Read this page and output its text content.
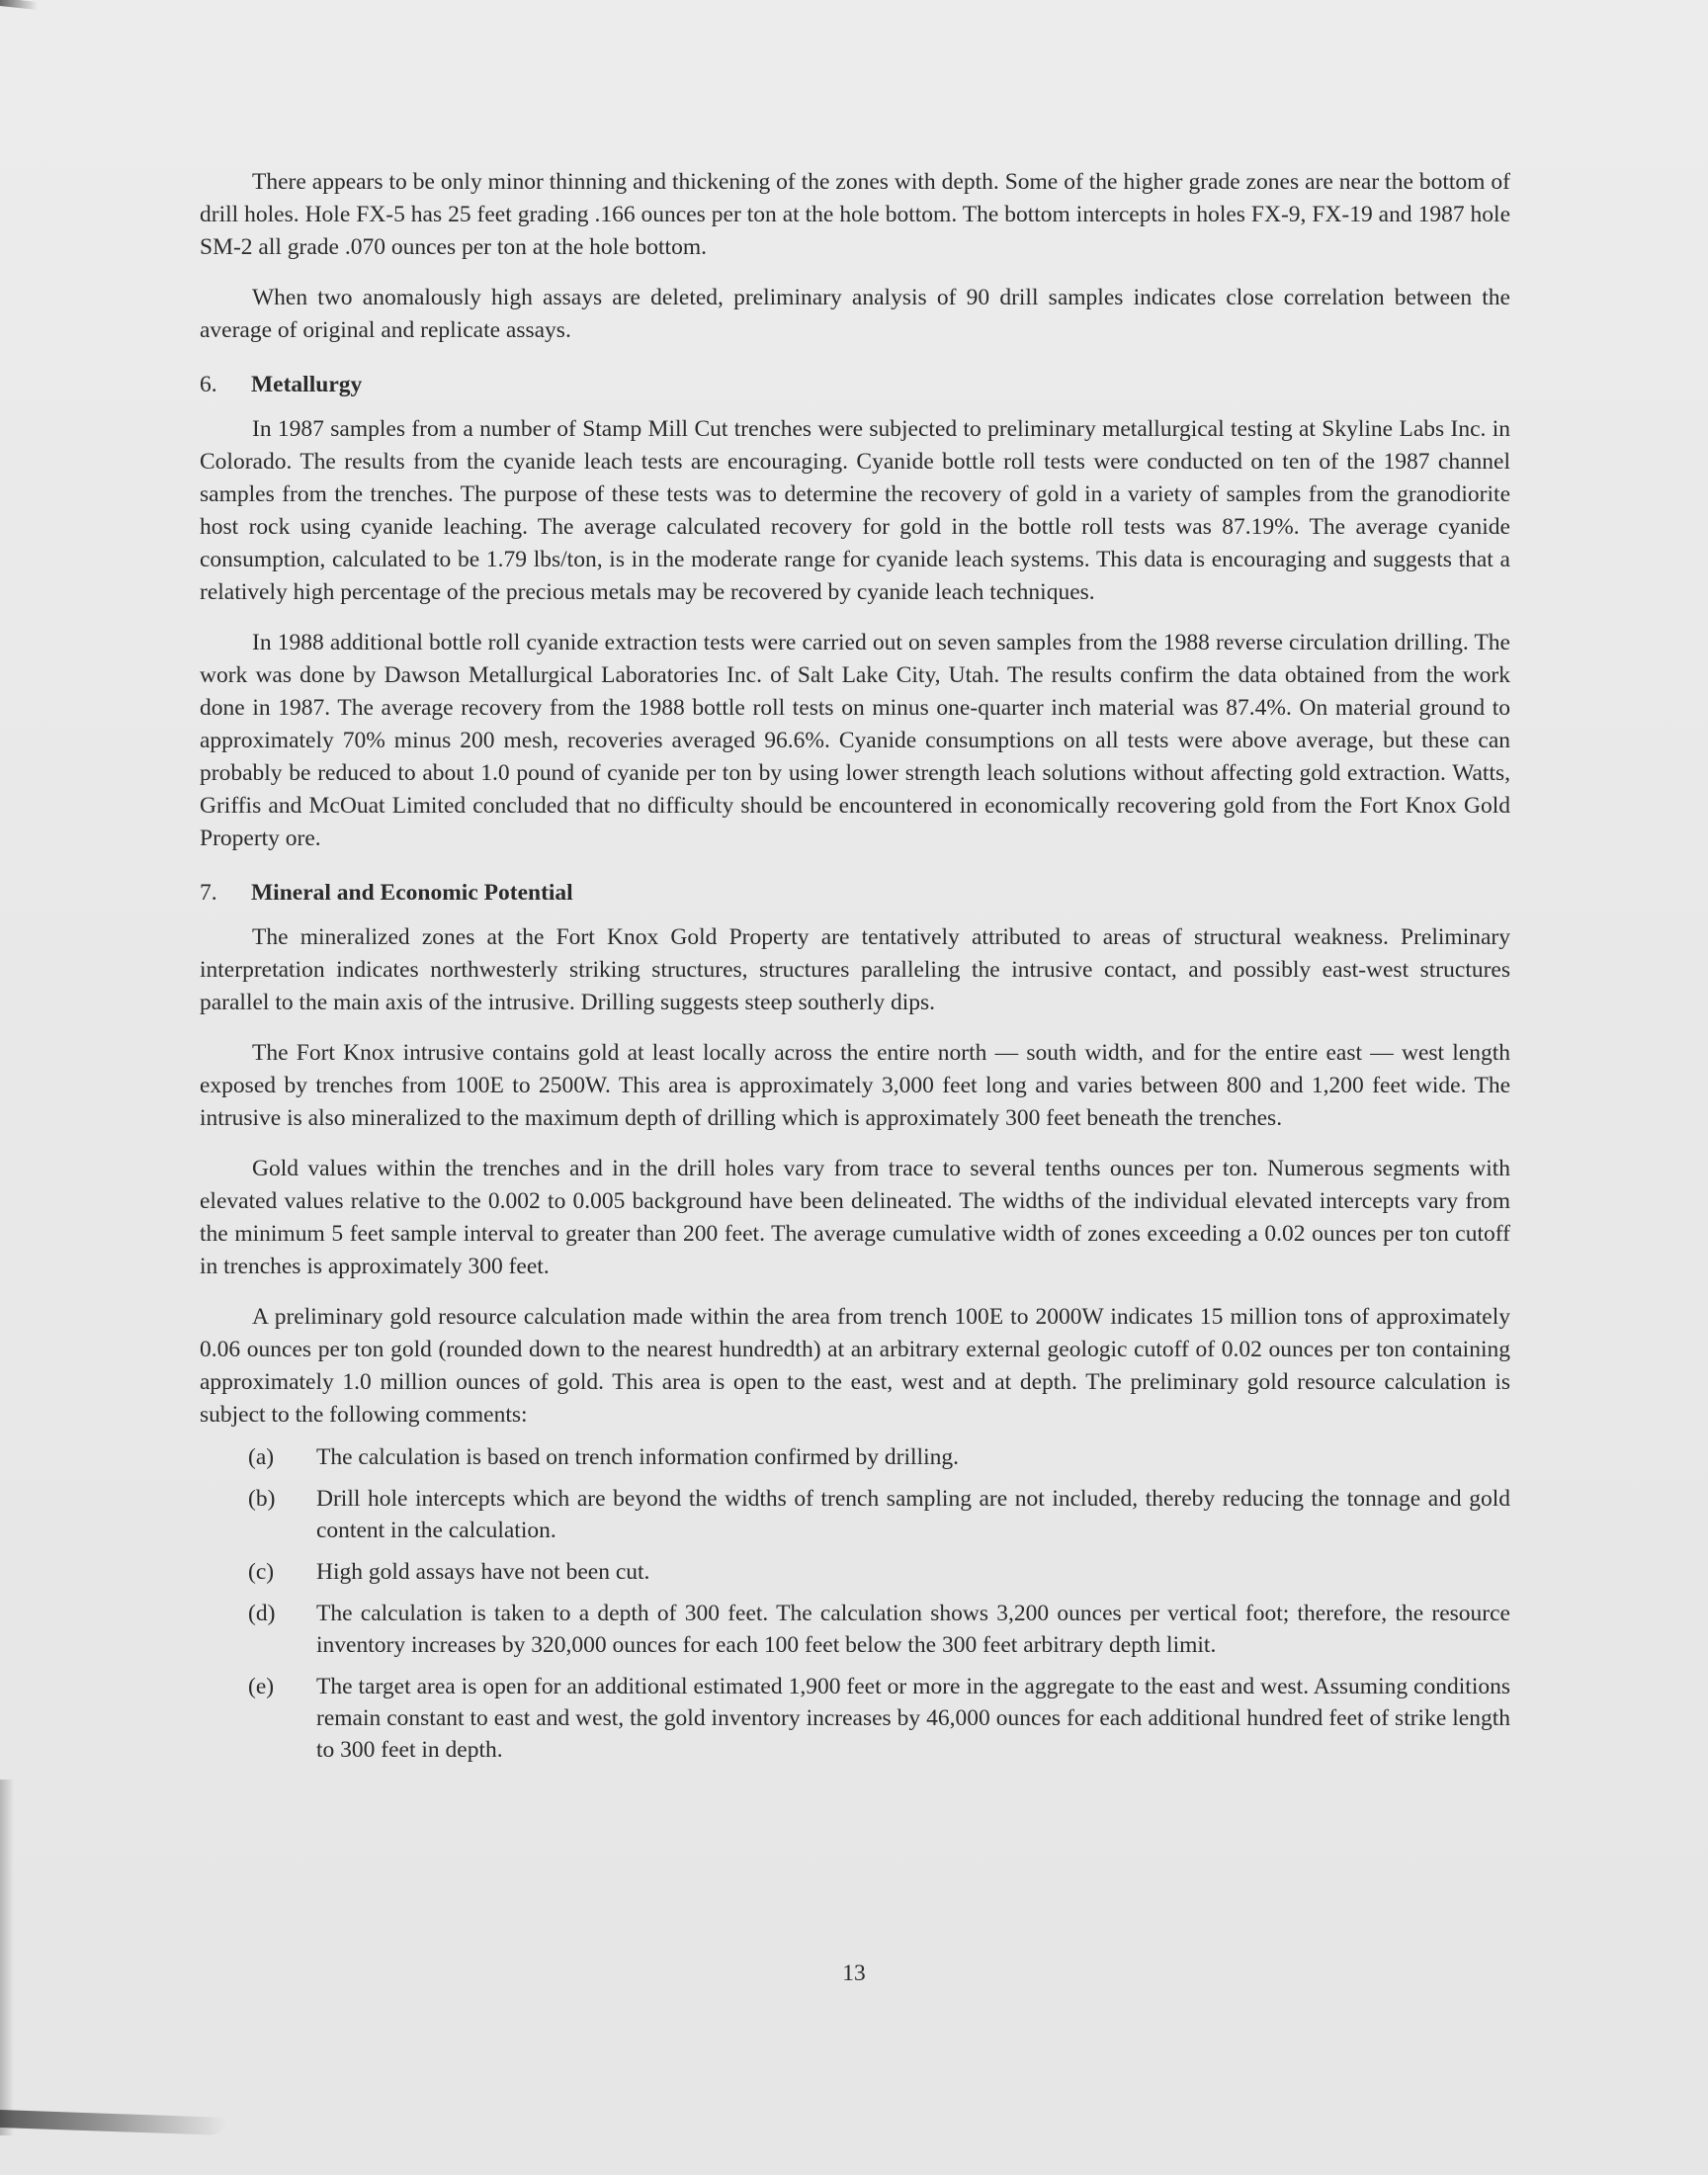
There appears to be only minor thinning and thickening of the zones with depth. Some of the higher grade zones are near the bottom of drill holes. Hole FX-5 has 25 feet grading .166 ounces per ton at the hole bottom. The bottom intercepts in holes FX-9, FX-19 and 1987 hole SM-2 all grade .070 ounces per ton at the hole bottom.

When two anomalously high assays are deleted, preliminary analysis of 90 drill samples indicates close correlation between the average of original and replicate assays.

6.	Metallurgy

In 1987 samples from a number of Stamp Mill Cut trenches were subjected to preliminary metallurgical testing at Skyline Labs Inc. in Colorado. The results from the cyanide leach tests are encouraging. Cyanide bottle roll tests were conducted on ten of the 1987 channel samples from the trenches. The purpose of these tests was to determine the recovery of gold in a variety of samples from the granodiorite host rock using cyanide leaching. The average calculated recovery for gold in the bottle roll tests was 87.19%. The average cyanide consumption, calculated to be 1.79 lbs/ton, is in the moderate range for cyanide leach systems. This data is encouraging and suggests that a relatively high percentage of the precious metals may be recovered by cyanide leach techniques.

In 1988 additional bottle roll cyanide extraction tests were carried out on seven samples from the 1988 reverse circulation drilling. The work was done by Dawson Metallurgical Laboratories Inc. of Salt Lake City, Utah. The results confirm the data obtained from the work done in 1987. The average recovery from the 1988 bottle roll tests on minus one-quarter inch material was 87.4%. On material ground to approximately 70% minus 200 mesh, recoveries averaged 96.6%. Cyanide consumptions on all tests were above average, but these can probably be reduced to about 1.0 pound of cyanide per ton by using lower strength leach solutions without affecting gold extraction. Watts, Griffis and McOuat Limited concluded that no difficulty should be encountered in economically recovering gold from the Fort Knox Gold Property ore.

7.	Mineral and Economic Potential

The mineralized zones at the Fort Knox Gold Property are tentatively attributed to areas of structural weakness. Preliminary interpretation indicates northwesterly striking structures, structures paralleling the intrusive contact, and possibly east-west structures parallel to the main axis of the intrusive. Drilling suggests steep southerly dips.

The Fort Knox intrusive contains gold at least locally across the entire north — south width, and for the entire east — west length exposed by trenches from 100E to 2500W. This area is approximately 3,000 feet long and varies between 800 and 1,200 feet wide. The intrusive is also mineralized to the maximum depth of drilling which is approximately 300 feet beneath the trenches.

Gold values within the trenches and in the drill holes vary from trace to several tenths ounces per ton. Numerous segments with elevated values relative to the 0.002 to 0.005 background have been delineated. The widths of the individual elevated intercepts vary from the minimum 5 feet sample interval to greater than 200 feet. The average cumulative width of zones exceeding a 0.02 ounces per ton cutoff in trenches is approximately 300 feet.

A preliminary gold resource calculation made within the area from trench 100E to 2000W indicates 15 million tons of approximately 0.06 ounces per ton gold (rounded down to the nearest hundredth) at an arbitrary external geologic cutoff of 0.02 ounces per ton containing approximately 1.0 million ounces of gold. This area is open to the east, west and at depth. The preliminary gold resource calculation is subject to the following comments:

(a)	The calculation is based on trench information confirmed by drilling.
(b)	Drill hole intercepts which are beyond the widths of trench sampling are not included, thereby reducing the tonnage and gold content in the calculation.
(c)	High gold assays have not been cut.
(d)	The calculation is taken to a depth of 300 feet. The calculation shows 3,200 ounces per vertical foot; therefore, the resource inventory increases by 320,000 ounces for each 100 feet below the 300 feet arbitrary depth limit.
(e)	The target area is open for an additional estimated 1,900 feet or more in the aggregate to the east and west. Assuming conditions remain constant to east and west, the gold inventory increases by 46,000 ounces for each additional hundred feet of strike length to 300 feet in depth.
13
